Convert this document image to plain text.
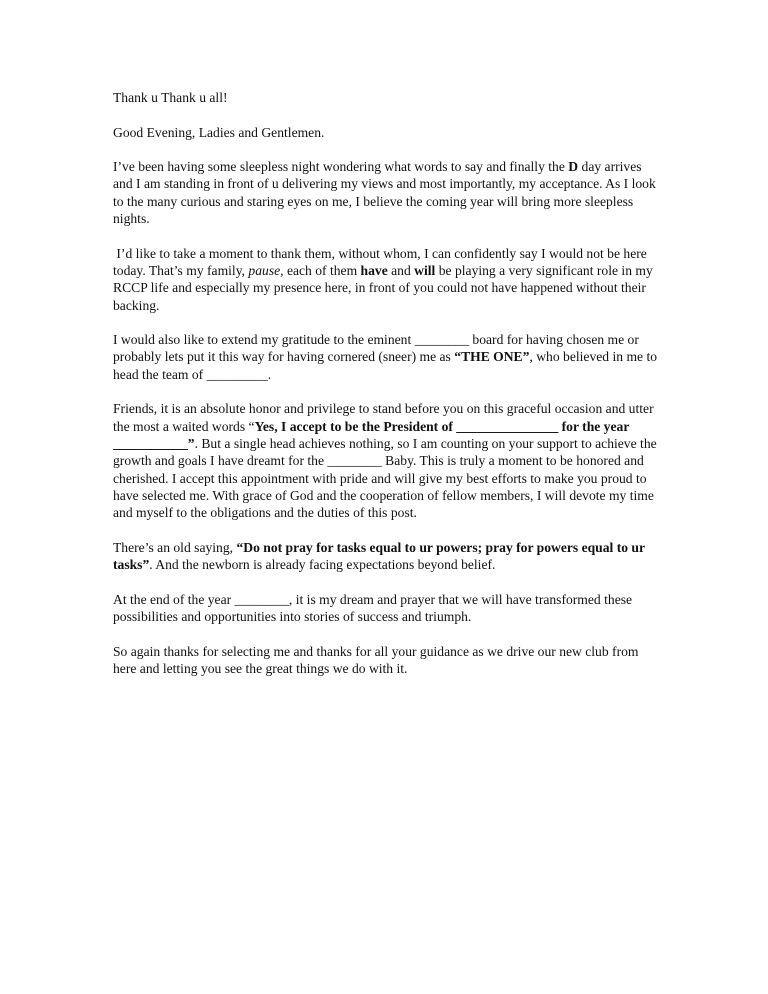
Thank u Thank u all!

Good Evening, Ladies and Gentlemen.

I’ve been having some sleepless night wondering what words to say and finally the D day arrives and I am standing in front of u delivering my views and most importantly, my acceptance. As I look to the many curious and staring eyes on me, I believe the coming year will bring more sleepless nights.

I’d like to take a moment to thank them, without whom, I can confidently say I would not be here today. That’s my family, pause, each of them have and will be playing a very significant role in my RCCP life and especially my presence here, in front of you could not have happened without their backing.

I would also like to extend my gratitude to the eminent ________ board for having chosen me or probably lets put it this way for having cornered (sneer) me as “THE ONE”, who believed in me to head the team of _________.

Friends, it is an absolute honor and privilege to stand before you on this graceful occasion and utter the most a waited words “Yes, I accept to be the President of _______________ for the year ___________”. But a single head achieves nothing, so I am counting on your support to achieve the growth and goals I have dreamt for the ________ Baby. This is truly a moment to be honored and cherished. I accept this appointment with pride and will give my best efforts to make you proud to have selected me. With grace of God and the cooperation of fellow members, I will devote my time and myself to the obligations and the duties of this post.

There’s an old saying, “Do not pray for tasks equal to ur powers; pray for powers equal to ur tasks”. And the newborn is already facing expectations beyond belief.

At the end of the year ________, it is my dream and prayer that we will have transformed these possibilities and opportunities into stories of success and triumph.

So again thanks for selecting me and thanks for all your guidance as we drive our new club from here and letting you see the great things we do with it.
